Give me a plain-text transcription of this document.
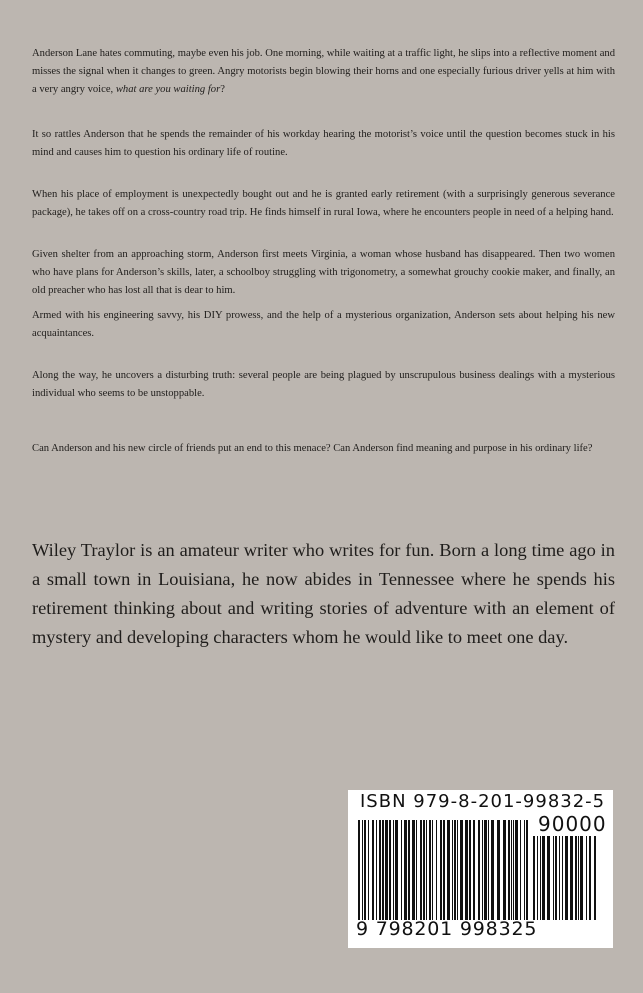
Anderson Lane hates commuting, maybe even his job. One morning, while waiting at a traffic light, he slips into a reflective moment and misses the signal when it changes to green. Angry motorists begin blowing their horns and one especially furious driver yells at him with a very angry voice, what are you waiting for?

It so rattles Anderson that he spends the remainder of his workday hearing the motorist’s voice until the question becomes stuck in his mind and causes him to question his ordinary life of routine.

When his place of employment is unexpectedly bought out and he is granted early retirement (with a surprisingly generous severance package), he takes off on a cross-country road trip. He finds himself in rural Iowa, where he encounters people in need of a helping hand.

Given shelter from an approaching storm, Anderson first meets Virginia, a woman whose husband has disappeared. Then two women who have plans for Anderson’s skills, later, a schoolboy struggling with trigonometry, a somewhat grouchy cookie maker, and finally, an old preacher who has lost all that is dear to him.

Armed with his engineering savvy, his DIY prowess, and the help of a mysterious organization, Anderson sets about helping his new acquaintances.

Along the way, he uncovers a disturbing truth: several people are being plagued by unscrupulous business dealings with a mysterious individual who seems to be unstoppable.

Can Anderson and his new circle of friends put an end to this menace? Can Anderson find meaning and purpose in his ordinary life?

Wiley Traylor is an amateur writer who writes for fun. Born a long time ago in a small town in Louisiana, he now abides in Tennessee where he spends his retirement thinking about and writing stories of adventure with an element of mystery and developing characters whom he would like to meet one day.

ISBN 979-8-201-99832-5
90000
9 798201 998325
